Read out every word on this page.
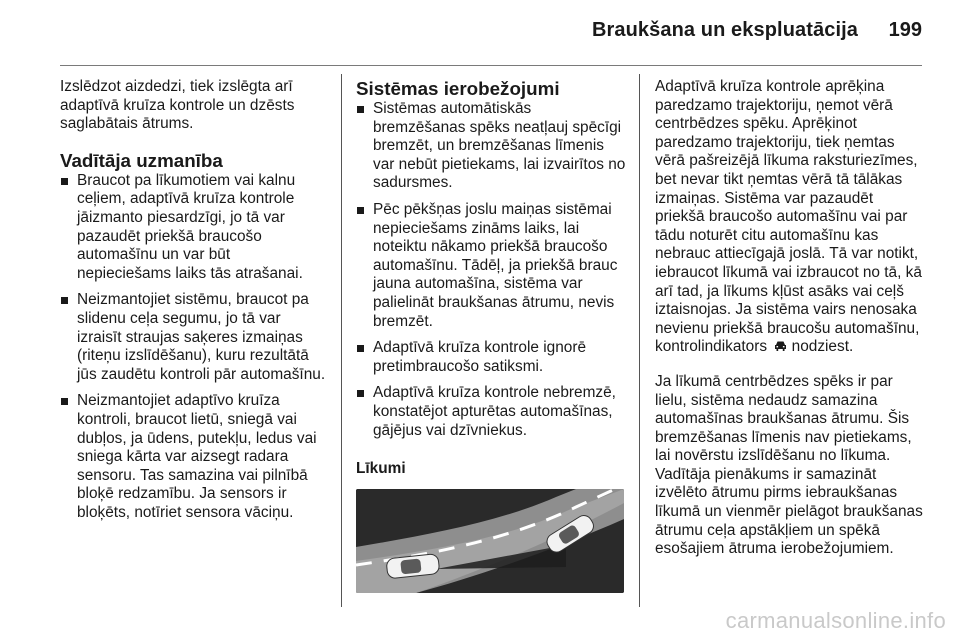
Braukšana un ekspluatācija 199

Izslēdzot aizdedzi, tiek izslēgta arī adaptīvā kruīza kontrole un dzēsts saglabātais ātrums.

Vadītāja uzmanība
Braucot pa līkumotiem vai kalnu ceļiem, adaptīvā kruīza kontrole jāizmanto piesardzīgi, jo tā var pazaudēt priekšā braucošo automašīnu un var būt nepieciešams laiks tās atrašanai.
Neizmantojiet sistēmu, braucot pa slidenu ceļa segumu, jo tā var izraisīt straujas saķeres izmaiņas (riteņu izslīdēšanu), kuru rezultātā jūs zaudētu kontroli pār automašīnu.
Neizmantojiet adaptīvo kruīza kontroli, braucot lietū, sniegā vai dubļos, ja ūdens, putekļu, ledus vai sniega kārta var aizsegt radara sensoru. Tas samazina vai pilnībā bloķē redzamību. Ja sensors ir bloķēts, notīriet sensora vāciņu.
Sistēmas ierobežojumi
Sistēmas automātiskās bremzēšanas spēks neatļauj spēcīgi bremzēt, un bremzēšanas līmenis var nebūt pietiekams, lai izvairītos no sadursmes.
Pēc pēkšņas joslu maiņas sistēmai nepieciešams zināms laiks, lai noteiktu nākamo priekšā braucošo automašīnu. Tādēļ, ja priekšā brauc jauna automašīna, sistēma var palielināt braukšanas ātrumu, nevis bremzēt.
Adaptīvā kruīza kontrole ignorē pretimbraucošo satiksmi.
Adaptīvā kruīza kontrole nebremzē, konstatējot apturētas automašīnas, gājējus vai dzīvniekus.
Līkumi

Adaptīvā kruīza kontrole aprēķina paredzamo trajektoriju, ņemot vērā centrbēdzes spēku. Aprēķinot paredzamo trajektoriju, tiek ņemtas vērā pašreizējā līkuma raksturiezīmes, bet nevar tikt ņemtas vērā tā tālākas izmaiņas. Sistēma var pazaudēt priekšā braucošo automašīnu vai par tādu noturēt citu automašīnu kas nebrauc attiecīgajā joslā. Tā var notikt, iebraucot līkumā vai izbraucot no tā, kā arī tad, ja līkums kļūst asāks vai ceļš iztaisnojas. Ja sistēma vairs nenosaka nevienu priekšā braucošu automašīnu, kontrolindikators nodziest.

Ja līkumā centrbēdzes spēks ir par lielu, sistēma nedaudz samazina automašīnas braukšanas ātrumu. Šis bremzēšanas līmenis nav pietiekams, lai novērstu izslīdēšanu no līkuma. Vadītāja pienākums ir samazināt izvēlēto ātrumu pirms iebraukšanas līkumā un vienmēr pielāgot braukšanas ātrumu ceļa apstākļiem un spēkā esošajiem ātruma ierobežojumiem.

carmanualsonline.info
